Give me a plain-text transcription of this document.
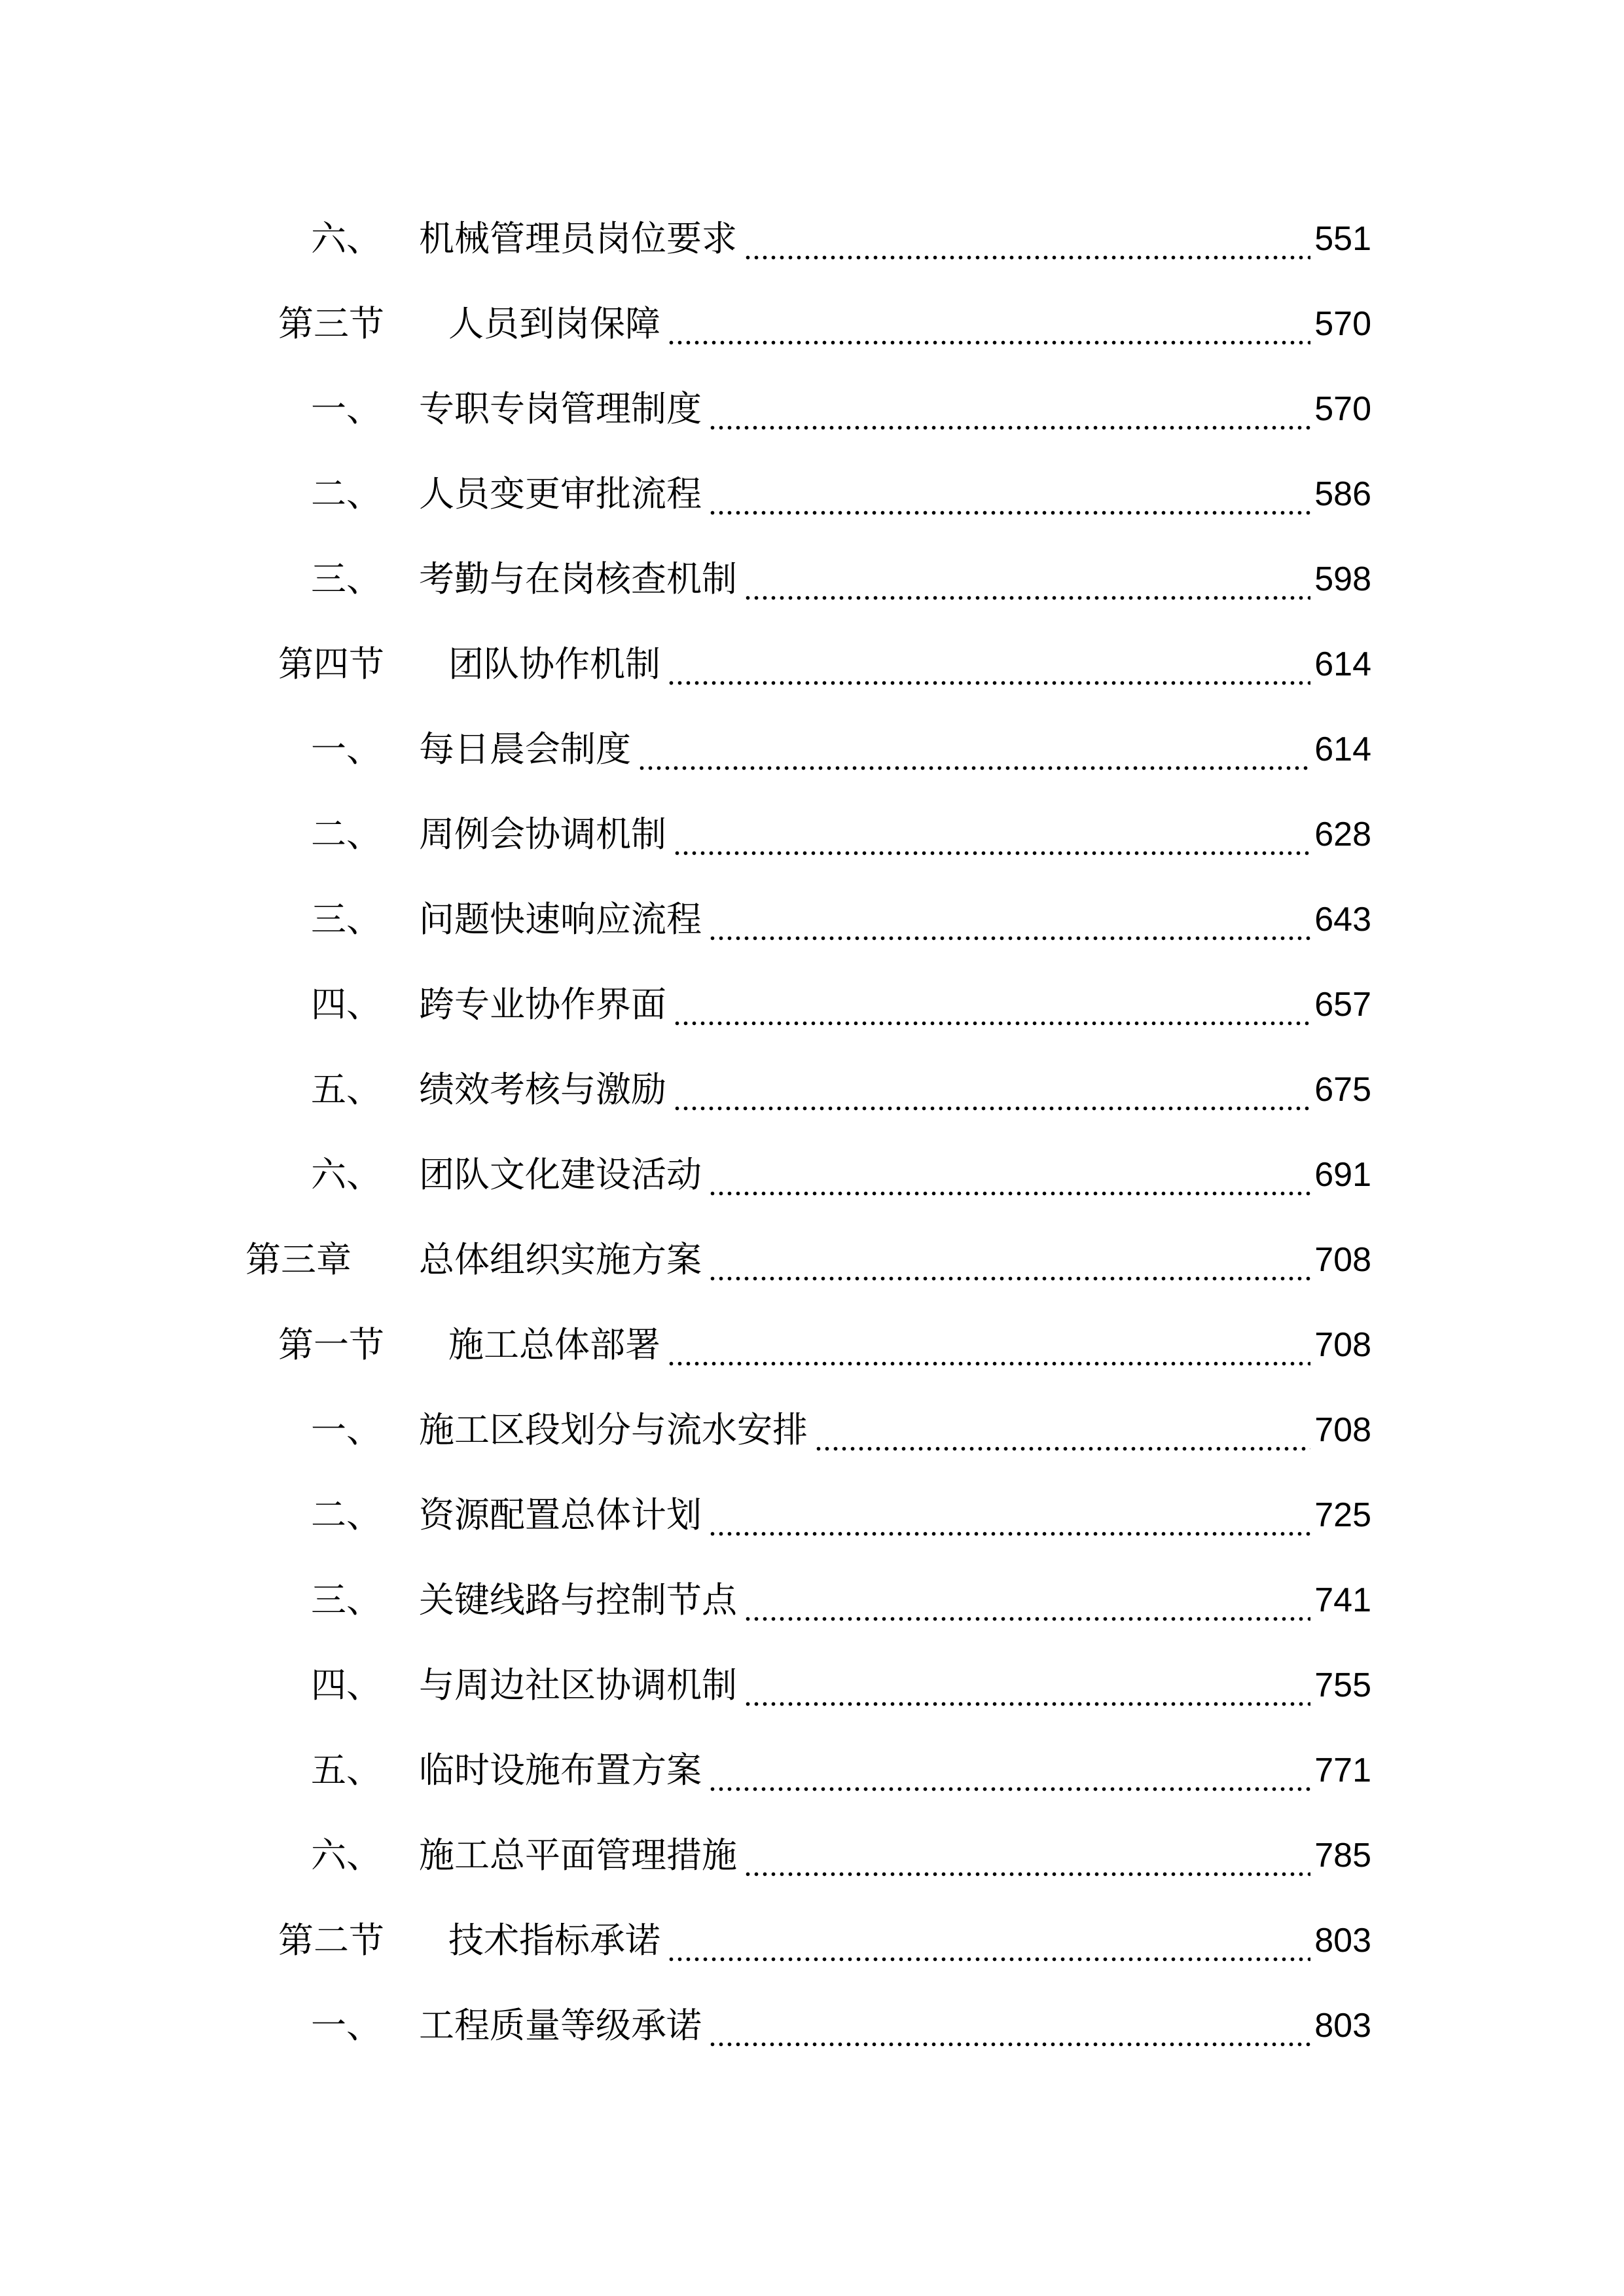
六、	机械管理员岗位要求	551
第三节	人员到岗保障	570
一、	专职专岗管理制度	570
二、	人员变更审批流程	586
三、	考勤与在岗核查机制	598
第四节	团队协作机制	614
一、	每日晨会制度	614
二、	周例会协调机制	628
三、	问题快速响应流程	643
四、	跨专业协作界面	657
五、	绩效考核与激励	675
六、	团队文化建设活动	691
第三章	总体组织实施方案	708
第一节	施工总体部署	708
一、	施工区段划分与流水安排	708
二、	资源配置总体计划	725
三、	关键线路与控制节点	741
四、	与周边社区协调机制	755
五、	临时设施布置方案	771
六、	施工总平面管理措施	785
第二节	技术指标承诺	803
一、	工程质量等级承诺	803
